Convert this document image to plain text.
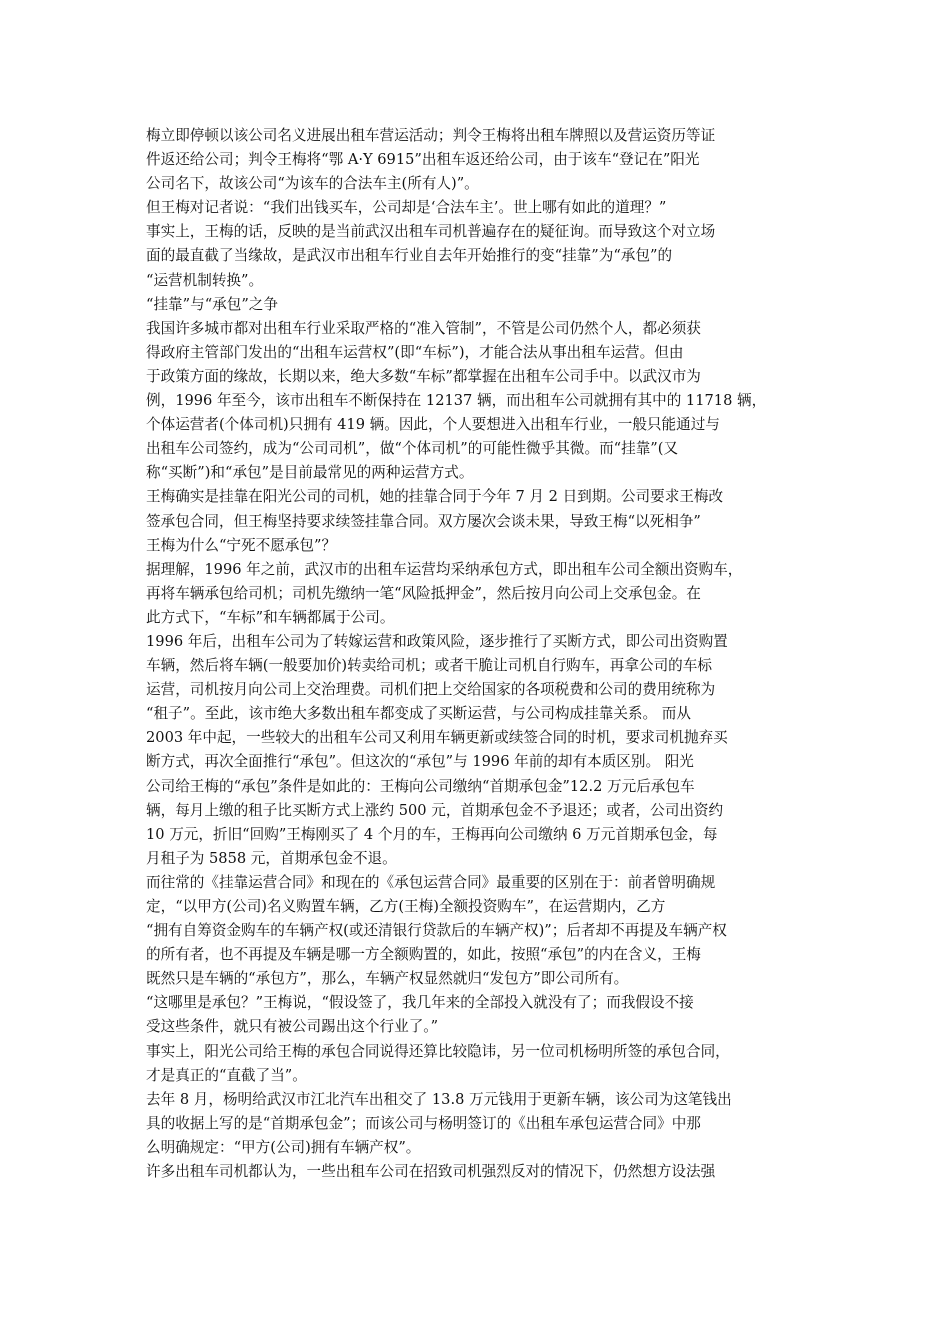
梅立即停顿以该公司名义进展出租车营运活动；判令王梅将出租车牌照以及营运资历等证
件返还给公司；判令王梅将“鄂 A·Y 6915”出租车返还给公司，由于该车“登记在”阳光
公司名下，故该公司“为该车的合法车主(所有人)”。
但王梅对记者说：“我们出钱买车，公司却是‘合法车主’。世上哪有如此的道理？”
事实上，王梅的话，反映的是当前武汉出租车司机普遍存在的疑征询。而导致这个对立场
面的最直截了当缘故，是武汉市出租车行业自去年开始推行的变“挂靠”为“承包”的
“运营机制转换”。
“挂靠”与“承包”之争
我国许多城市都对出租车行业采取严格的“准入管制”，不管是公司仍然个人，都必须获
得政府主管部门发出的“出租车运营权”(即“车标”)，才能合法从事出租车运营。但由
于政策方面的缘故，长期以来，绝大多数“车标”都掌握在出租车公司手中。以武汉市为
例，1996 年至今，该市出租车不断保持在 12137 辆，而出租车公司就拥有其中的 11718 辆，
个体运营者(个体司机)只拥有 419 辆。因此，个人要想进入出租车行业，一般只能通过与
出租车公司签约，成为“公司司机”，做“个体司机”的可能性微乎其微。而“挂靠”(又
称“买断”)和“承包”是目前最常见的两种运营方式。
王梅确实是挂靠在阳光公司的司机，她的挂靠合同于今年 7 月 2 日到期。公司要求王梅改
签承包合同，但王梅坚持要求续签挂靠合同。双方屡次会谈未果，导致王梅“以死相争”
王梅为什么“宁死不愿承包”？
据理解，1996 年之前，武汉市的出租车运营均采纳承包方式，即出租车公司全额出资购车，
再将车辆承包给司机；司机先缴纳一笔“风险抵押金”，然后按月向公司上交承包金。在
此方式下，“车标”和车辆都属于公司。
1996 年后，出租车公司为了转嫁运营和政策风险，逐步推行了买断方式，即公司出资购置
车辆，然后将车辆(一般要加价)转卖给司机；或者干脆让司机自行购车，再拿公司的车标
运营，司机按月向公司上交治理费。司机们把上交给国家的各项税费和公司的费用统称为
“租子”。至此，该市绝大多数出租车都变成了买断运营，与公司构成挂靠关系。 而从
2003 年中起，一些较大的出租车公司又利用车辆更新或续签合同的时机，要求司机抛弃买
断方式，再次全面推行“承包”。但这次的“承包”与 1996 年前的却有本质区别。 阳光
公司给王梅的“承包”条件是如此的：王梅向公司缴纳“首期承包金”12.2 万元后承包车
辆，每月上缴的租子比买断方式上涨约 500 元，首期承包金不予退还；或者，公司出资约
10 万元，折旧“回购”王梅刚买了 4 个月的车，王梅再向公司缴纳 6 万元首期承包金，每
月租子为 5858 元，首期承包金不退。
而往常的《挂靠运营合同》和现在的《承包运营合同》最重要的区别在于：前者曾明确规
定，“以甲方(公司)名义购置车辆，乙方(王梅)全额投资购车”，在运营期内，乙方
“拥有自筹资金购车的车辆产权(或还清银行贷款后的车辆产权)”；后者却不再提及车辆产权
的所有者，也不再提及车辆是哪一方全额购置的，如此，按照“承包”的内在含义，王梅
既然只是车辆的“承包方”，那么，车辆产权显然就归“发包方”即公司所有。
“这哪里是承包？”王梅说，“假设签了，我几年来的全部投入就没有了；而我假设不接
受这些条件，就只有被公司踢出这个行业了。”
事实上，阳光公司给王梅的承包合同说得还算比较隐讳，另一位司机杨明所签的承包合同，
才是真正的“直截了当”。
去年 8 月，杨明给武汉市江北汽车出租交了 13.8 万元钱用于更新车辆，该公司为这笔钱出
具的收据上写的是“首期承包金”；而该公司与杨明签订的《出租车承包运营合同》中那
么明确规定：“甲方(公司)拥有车辆产权”。
许多出租车司机都认为，一些出租车公司在招致司机强烈反对的情况下，仍然想方设法强
